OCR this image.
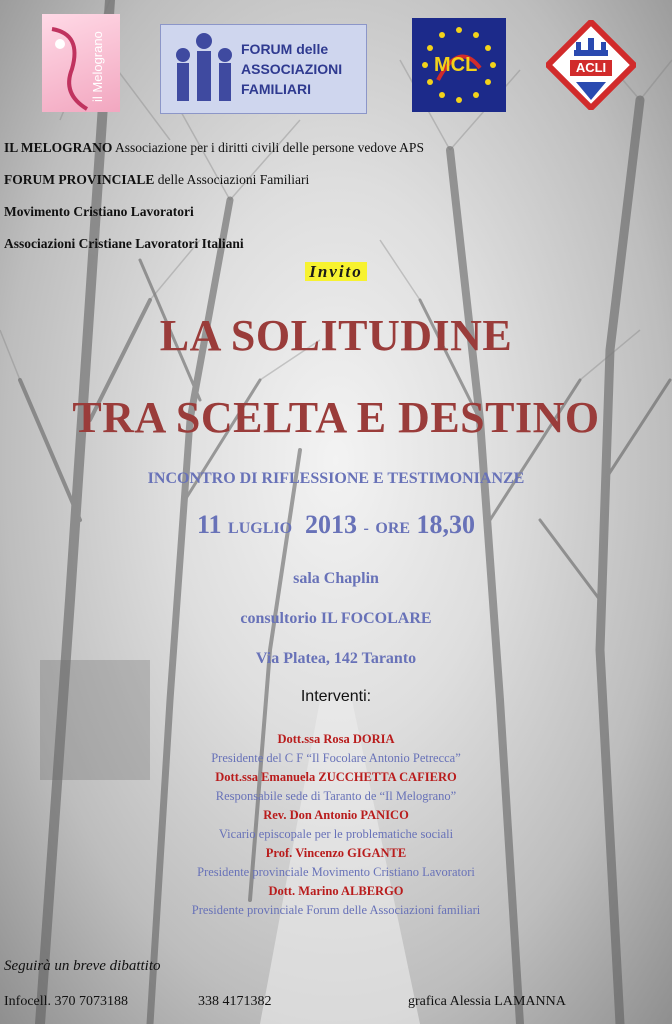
il Melograno	FORUM delle
ASSOCIAZIONI
FAMILIARI
MCL	ACLI
IL MELOGRANO Associazione per i diritti civili delle persone vedove APS
FORUM PROVINCIALE delle Associazioni Familiari
Movimento Cristiano Lavoratori
Associazioni Cristiane Lavoratori Italiani
Invito
LA SOLITUDINE
TRA SCELTA E DESTINO
INCONTRO DI RIFLESSIONE E TESTIMONIANZE
11 LUGLIO 2013 - ORE 18,30
sala Chaplin
consultorio IL FOCOLARE
Via Platea, 142 Taranto
Interventi:
Dott.ssa Rosa DORIA
Presidente del C F “Il Focolare Antonio Petrecca”
Dott.ssa Emanuela ZUCCHETTA CAFIERO
Responsabile sede di Taranto de “Il Melograno”
Rev. Don Antonio PANICO
Vicario episcopale per le problematiche sociali
Prof. Vincenzo GIGANTE
Presidente provinciale Movimento Cristiano Lavoratori
Dott. Marino ALBERGO
Presidente provinciale Forum delle Associazioni familiari
Seguirà un breve dibattito
Infocell. 370 7073188	338 4171382	grafica Alessia LAMANNA
